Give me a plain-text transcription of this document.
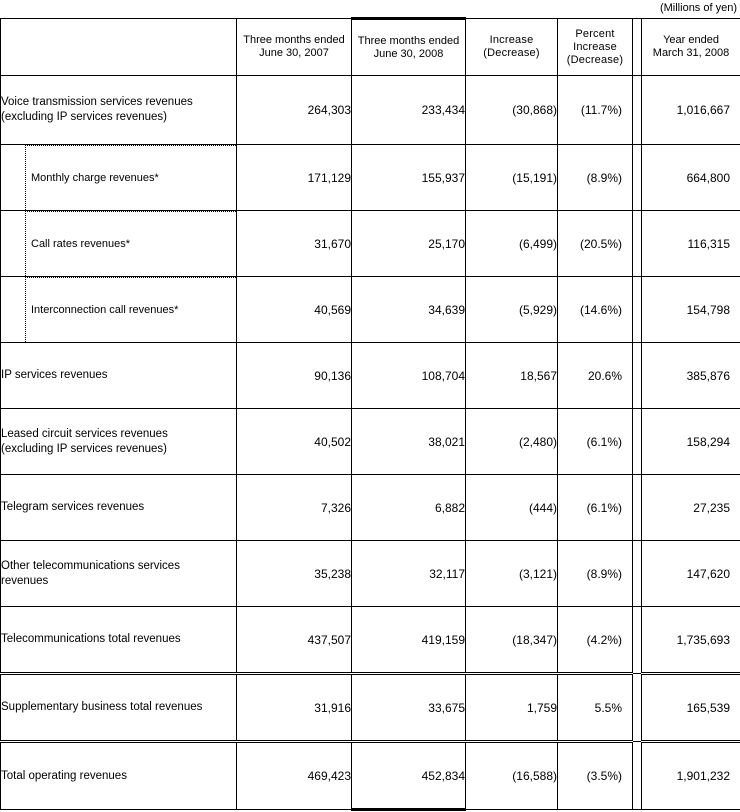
(Millions of yen)
	Three months ended
June 30, 2007	Three months ended
June 30, 2008	Increase
(Decrease)	Percent
Increase
(Decrease)		Year ended
March 31, 2008

Voice transmission services revenues
(excluding IP services revenues)	264,303	233,434	(30,868)	(11.7%)		1,016,667

Monthly charge revenues*	171,129	155,937	(15,191)	(8.9%)		664,800

Call rates revenues*	31,670	25,170	(6,499)	(20.5%)		116,315

Interconnection call revenues*	40,569	34,639	(5,929)	(14.6%)		154,798

IP services revenues	90,136	108,704	18,567	20.6%		385,876

Leased circuit services revenues
(excluding IP services revenues)	40,502	38,021	(2,480)	(6.1%)		158,294

Telegram services revenues	7,326	6,882	(444)	(6.1%)		27,235

Other telecommunications services
revenues	35,238	32,117	(3,121)	(8.9%)		147,620

Telecommunications total revenues	437,507	419,159	(18,347)	(4.2%)		1,735,693

Supplementary business total revenues	31,916	33,675	1,759	5.5%		165,539

Total operating revenues	469,423	452,834	(16,588)	(3.5%)		1,901,232
